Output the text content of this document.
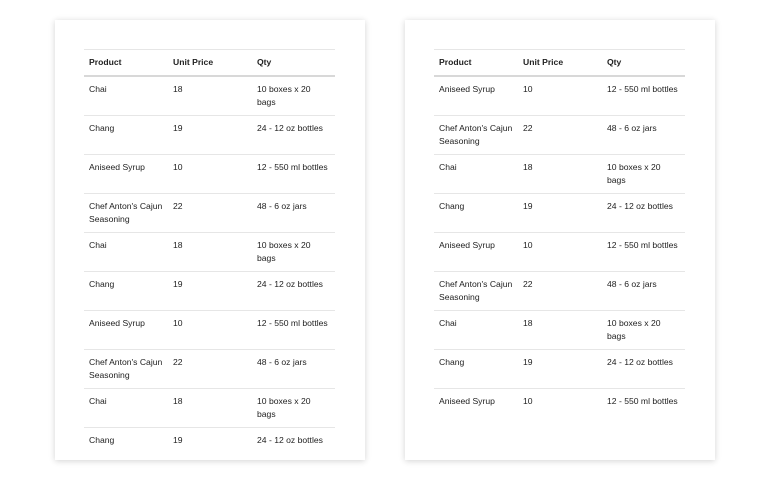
Product	Unit Price	Qty
Chai	18	10 boxes x 20 bags
Chang	19	24 - 12 oz bottles
Aniseed Syrup	10	12 - 550 ml bottles
Chef Anton's Cajun Seasoning	22	48 - 6 oz jars
Chai	18	10 boxes x 20 bags
Chang	19	24 - 12 oz bottles
Aniseed Syrup	10	12 - 550 ml bottles
Chef Anton's Cajun Seasoning	22	48 - 6 oz jars
Chai	18	10 boxes x 20 bags
Chang	19	24 - 12 oz bottles
Product	Unit Price	Qty
Aniseed Syrup	10	12 - 550 ml bottles
Chef Anton's Cajun Seasoning	22	48 - 6 oz jars
Chai	18	10 boxes x 20 bags
Chang	19	24 - 12 oz bottles
Aniseed Syrup	10	12 - 550 ml bottles
Chef Anton's Cajun Seasoning	22	48 - 6 oz jars
Chai	18	10 boxes x 20 bags
Chang	19	24 - 12 oz bottles
Aniseed Syrup	10	12 - 550 ml bottles
